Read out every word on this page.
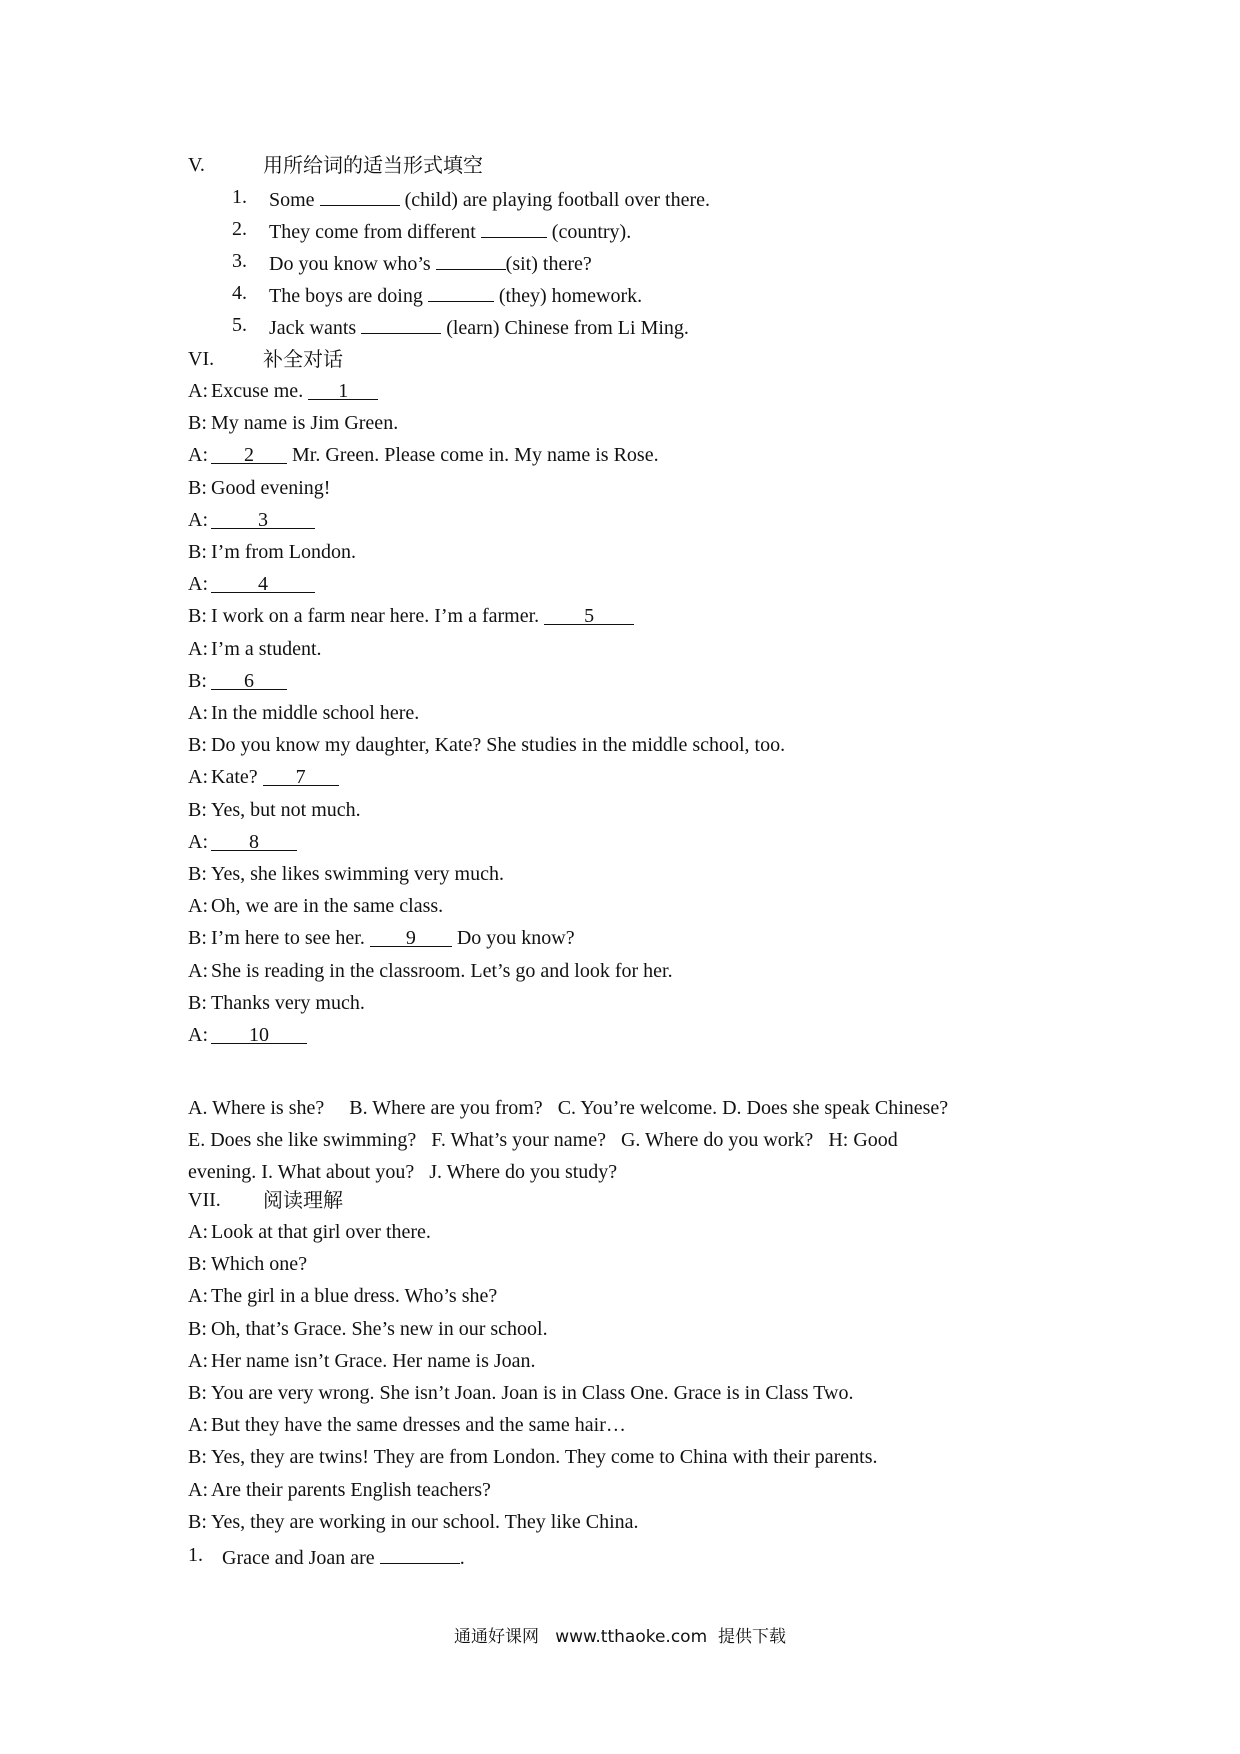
V.	用所给词的适当形式填空
1. Some	(child) are playing football over there.
2. They come from different	(country).
3. Do you know who’s	(sit) there?
4. The boys are doing	(they) homework.
5. Jack wants	(learn) Chinese from Li Ming.
VI. 补全对话
A: Excuse me. 1
B: My name is Jim Green.
A:	2 Mr. Green. Please come in. My name is Rose.
B: Good evening!
A:	3
B: I’m from London.
A:	4
B: I work on a farm near here. I’m a farmer. 5
A: I’m a student.
B:	6
A: In the middle school here.
B: Do you know my daughter, Kate? She studies in the middle school, too.
A: Kate? 7
B: Yes, but not much.
A:	8
B: Yes, she likes swimming very much.
A: Oh, we are in the same class.
B: I’m here to see her. 9 Do you know?
A: She is reading in the classroom. Let’s go and look for her.
B: Thanks very much.
A:	10
A. Where is she?     B. Where are you from?   C. You’re welcome. D. Does she speak Chinese?
E. Does she like swimming?   F. What’s your name?   G. Where do you work?   H: Good
evening. I. What about you?   J. Where do you study?
VII. 阅读理解
A: Look at that girl over there.
B: Which one?
A: The girl in a blue dress. Who’s she?
B: Oh, that’s Grace. She’s new in our school.
A: Her name isn’t Grace. Her name is Joan.
B: You are very wrong. She isn’t Joan. Joan is in Class One. Grace is in Class Two.
A: But they have the same dresses and the same hair…
B: Yes, they are twins! They are from London. They come to China with their parents.
A: Are their parents English teachers?
B: Yes, they are working in our school. They like China.
1. Grace and Joan are	.
通通好课网   www.tthaoke.com  提供下载
